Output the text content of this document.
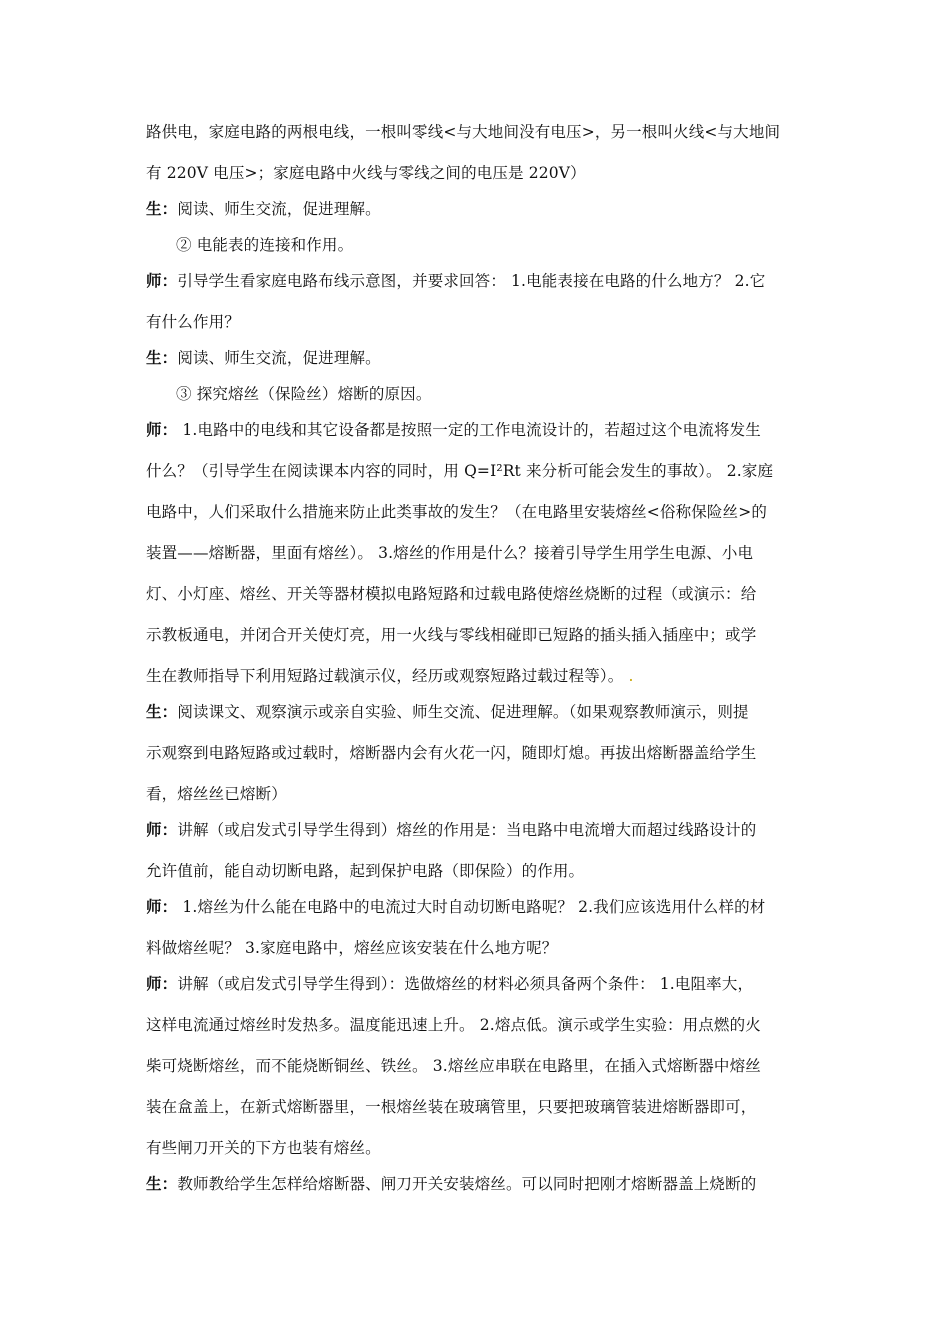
路供电，家庭电路的两根电线，一根叫零线<与大地间没有电压>，另一根叫火线<与大地间
有 220V 电压>；家庭电路中火线与零线之间的电压是 220V）
生：阅读、师生交流，促进理解。
② 电能表的连接和作用。
师：引导学生看家庭电路布线示意图，并要求回答： 1.电能表接在电路的什么地方？ 2.它
有什么作用？
生：阅读、师生交流，促进理解。
③ 探究熔丝（保险丝）熔断的原因。
师： 1.电路中的电线和其它设备都是按照一定的工作电流设计的，若超过这个电流将发生
什么？（引导学生在阅读课本内容的同时，用 Q=I²Rt 来分析可能会发生的事故）。 2.家庭
电路中，人们采取什么措施来防止此类事故的发生？（在电路里安装熔丝<俗称保险丝>的
装置——熔断器，里面有熔丝）。 3.熔丝的作用是什么？接着引导学生用学生电源、小电
灯、小灯座、熔丝、开关等器材模拟电路短路和过载电路使熔丝烧断的过程（或演示：给
示教板通电，并闭合开关使灯亮，用一火线与零线相碰即已短路的插头插入插座中；或学
生在教师指导下利用短路过载演示仪，经历或观察短路过载过程等）。 .
生：阅读课文、观察演示或亲自实验、师生交流、促进理解。（如果观察教师演示，则提
示观察到电路短路或过载时，熔断器内会有火花一闪，随即灯熄。再拔出熔断器盖给学生
看，熔丝丝已熔断）
师：讲解（或启发式引导学生得到）熔丝的作用是：当电路中电流增大而超过线路设计的
允许值前，能自动切断电路，起到保护电路（即保险）的作用。
师： 1.熔丝为什么能在电路中的电流过大时自动切断电路呢？ 2.我们应该选用什么样的材
料做熔丝呢？ 3.家庭电路中，熔丝应该安装在什么地方呢？
师：讲解（或启发式引导学生得到）：选做熔丝的材料必须具备两个条件： 1.电阻率大，
这样电流通过熔丝时发热多。温度能迅速上升。 2.熔点低。演示或学生实验：用点燃的火
柴可烧断熔丝，而不能烧断铜丝、铁丝。 3.熔丝应串联在电路里，在插入式熔断器中熔丝
装在盒盖上，在新式熔断器里，一根熔丝装在玻璃管里，只要把玻璃管装进熔断器即可，
有些闸刀开关的下方也装有熔丝。
生：教师教给学生怎样给熔断器、闸刀开关安装熔丝。可以同时把刚才熔断器盖上烧断的
